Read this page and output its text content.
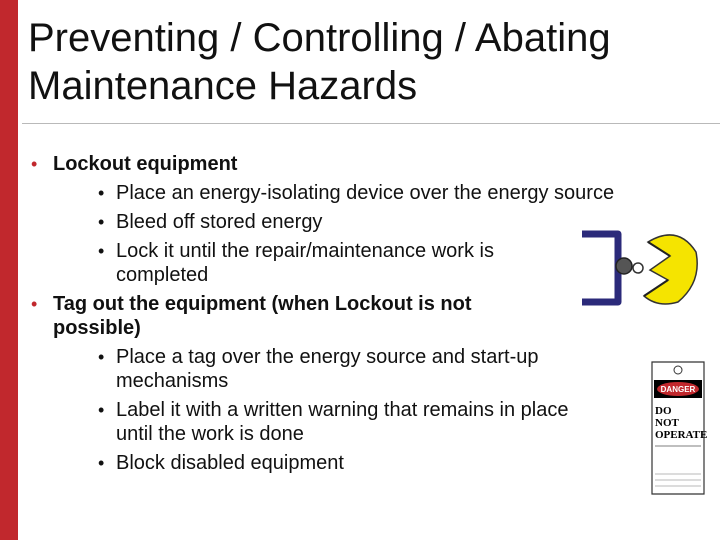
Preventing / Controlling / Abating
Maintenance Hazards
• Lockout equipment
• Place an energy-isolating device over the energy source
• Bleed off stored energy
• Lock it until the repair/maintenance work is completed
• Tag out the equipment (when Lockout is not possible)
• Place a tag over the energy source and start-up mechanisms
• Label it with a written warning that remains in place until the work is done
• Block disabled equipment
DANGER
DO
NOT
OPERATE
